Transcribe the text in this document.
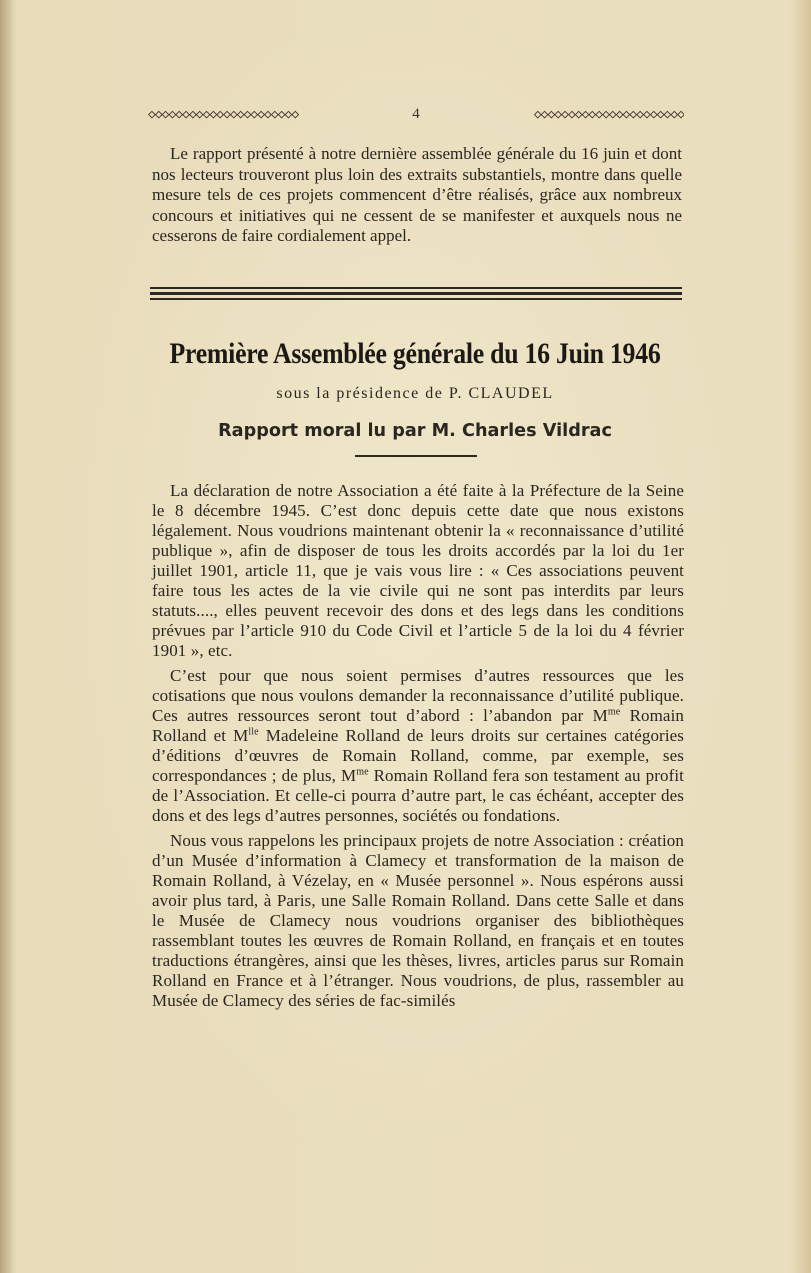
◇◇◇◇◇◇◇◇◇◇◇◇◇◇◇◇◇◇◇◇◇◇	4	◇◇◇◇◇◇◇◇◇◇◇◇◇◇◇◇◇◇◇◇◇◇

Le rapport présenté à notre dernière assemblée générale du 16 juin et dont nos lecteurs trouveront plus loin des extraits substantiels, montre dans quelle mesure tels de ces projets commencent d’être réalisés, grâce aux nombreux concours et initiatives qui ne cessent de se manifester et auxquels nous ne cesserons de faire cordialement appel.

Première Assemblée générale du 16 Juin 1946
sous la présidence de P. CLAUDEL
Rapport moral lu par M. Charles Vildrac

La déclaration de notre Association a été faite à la Préfecture de la Seine le 8 décembre 1945. C’est donc depuis cette date que nous existons légalement. Nous voudrions maintenant obtenir la « reconnaissance d’utilité publique », afin de disposer de tous les droits accordés par la loi du 1er juillet 1901, article 11, que je vais vous lire : « Ces associations peuvent faire tous les actes de la vie civile qui ne sont pas interdits par leurs statuts...., elles peuvent recevoir des dons et des legs dans les conditions prévues par l’article 910 du Code Civil et l’article 5 de la loi du 4 février 1901 », etc.

C’est pour que nous soient permises d’autres ressources que les cotisations que nous voulons demander la reconnaissance d’utilité publique. Ces autres ressources seront tout d’abord : l’abandon par $M^{me}$ Romain Rolland et $M^{lle}$ Madeleine Rolland de leurs droits sur certaines catégories d’éditions d’œuvres de Romain Rolland, comme, par exemple, ses correspondances ; de plus, $M^{me}$ Romain Rolland fera son testament au profit de l’Association. Et celle-ci pourra d’autre part, le cas échéant, accepter des dons et des legs d’autres personnes, sociétés ou fondations.

Nous vous rappelons les principaux projets de notre Association : création d’un Musée d’information à Clamecy et transformation de la maison de Romain Rolland, à Vézelay, en « Musée personnel ». Nous espérons aussi avoir plus tard, à Paris, une Salle Romain Rolland. Dans cette Salle et dans le Musée de Clamecy nous voudrions organiser des bibliothèques rassemblant toutes les œuvres de Romain Rolland, en français et en toutes traductions étrangères, ainsi que les thèses, livres, articles parus sur Romain Rolland en France et à l’étranger. Nous voudrions, de plus, rassembler au Musée de Clamecy des séries de fac-similés
